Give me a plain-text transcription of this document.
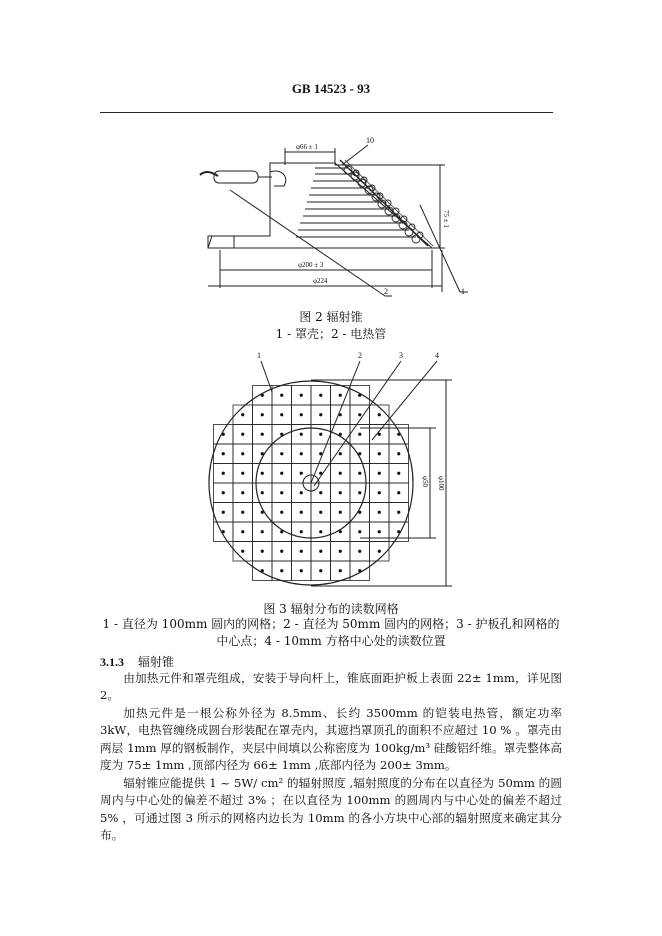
GB 14523 - 93
φ66 ± 1
75 ± 1
φ200 ± 3
φ224
10
2	1
图 2 辐射锥
1 - 罩壳；2 - 电热管
1	2	3	4
φ50 φ100
图 3 辐射分布的读数网格
1 - 直径为 100mm 圆内的网格；2 - 直径为 50mm 圆内的网格；3 - 护板孔和网格的中心点；4 - 10mm 方格中心处的读数位置
3.1.3 辐射锥
由加热元件和罩壳组成，安装于导向杆上，锥底面距护板上表面 22± 1mm，详见图 2。
加热元件是一根公称外径为 8.5mm、长约 3500mm 的铠装电热管，额定功率 3kW，电热管缠绕成圆台形装配在罩壳内，其遮挡罩顶孔的面积不应超过 10 % 。罩壳由两层 1mm 厚的钢板制作，夹层中间填以公称密度为 100kg/m³ 硅酸铝纤维。罩壳整体高度为 75± 1mm ,顶部内径为 66± 1mm ,底部内径为 200± 3mm。
辐射锥应能提供 1 ~ 5W/ cm² 的辐射照度 ,辐射照度的分布在以直径为 50mm 的圆周内与中心处的偏差不超过 3% ；在以直径为 100mm 的圆周内与中心处的偏差不超过 5% ，可通过图 3 所示的网格内边长为 10mm 的各小方块中心部的辐射照度来确定其分布。
